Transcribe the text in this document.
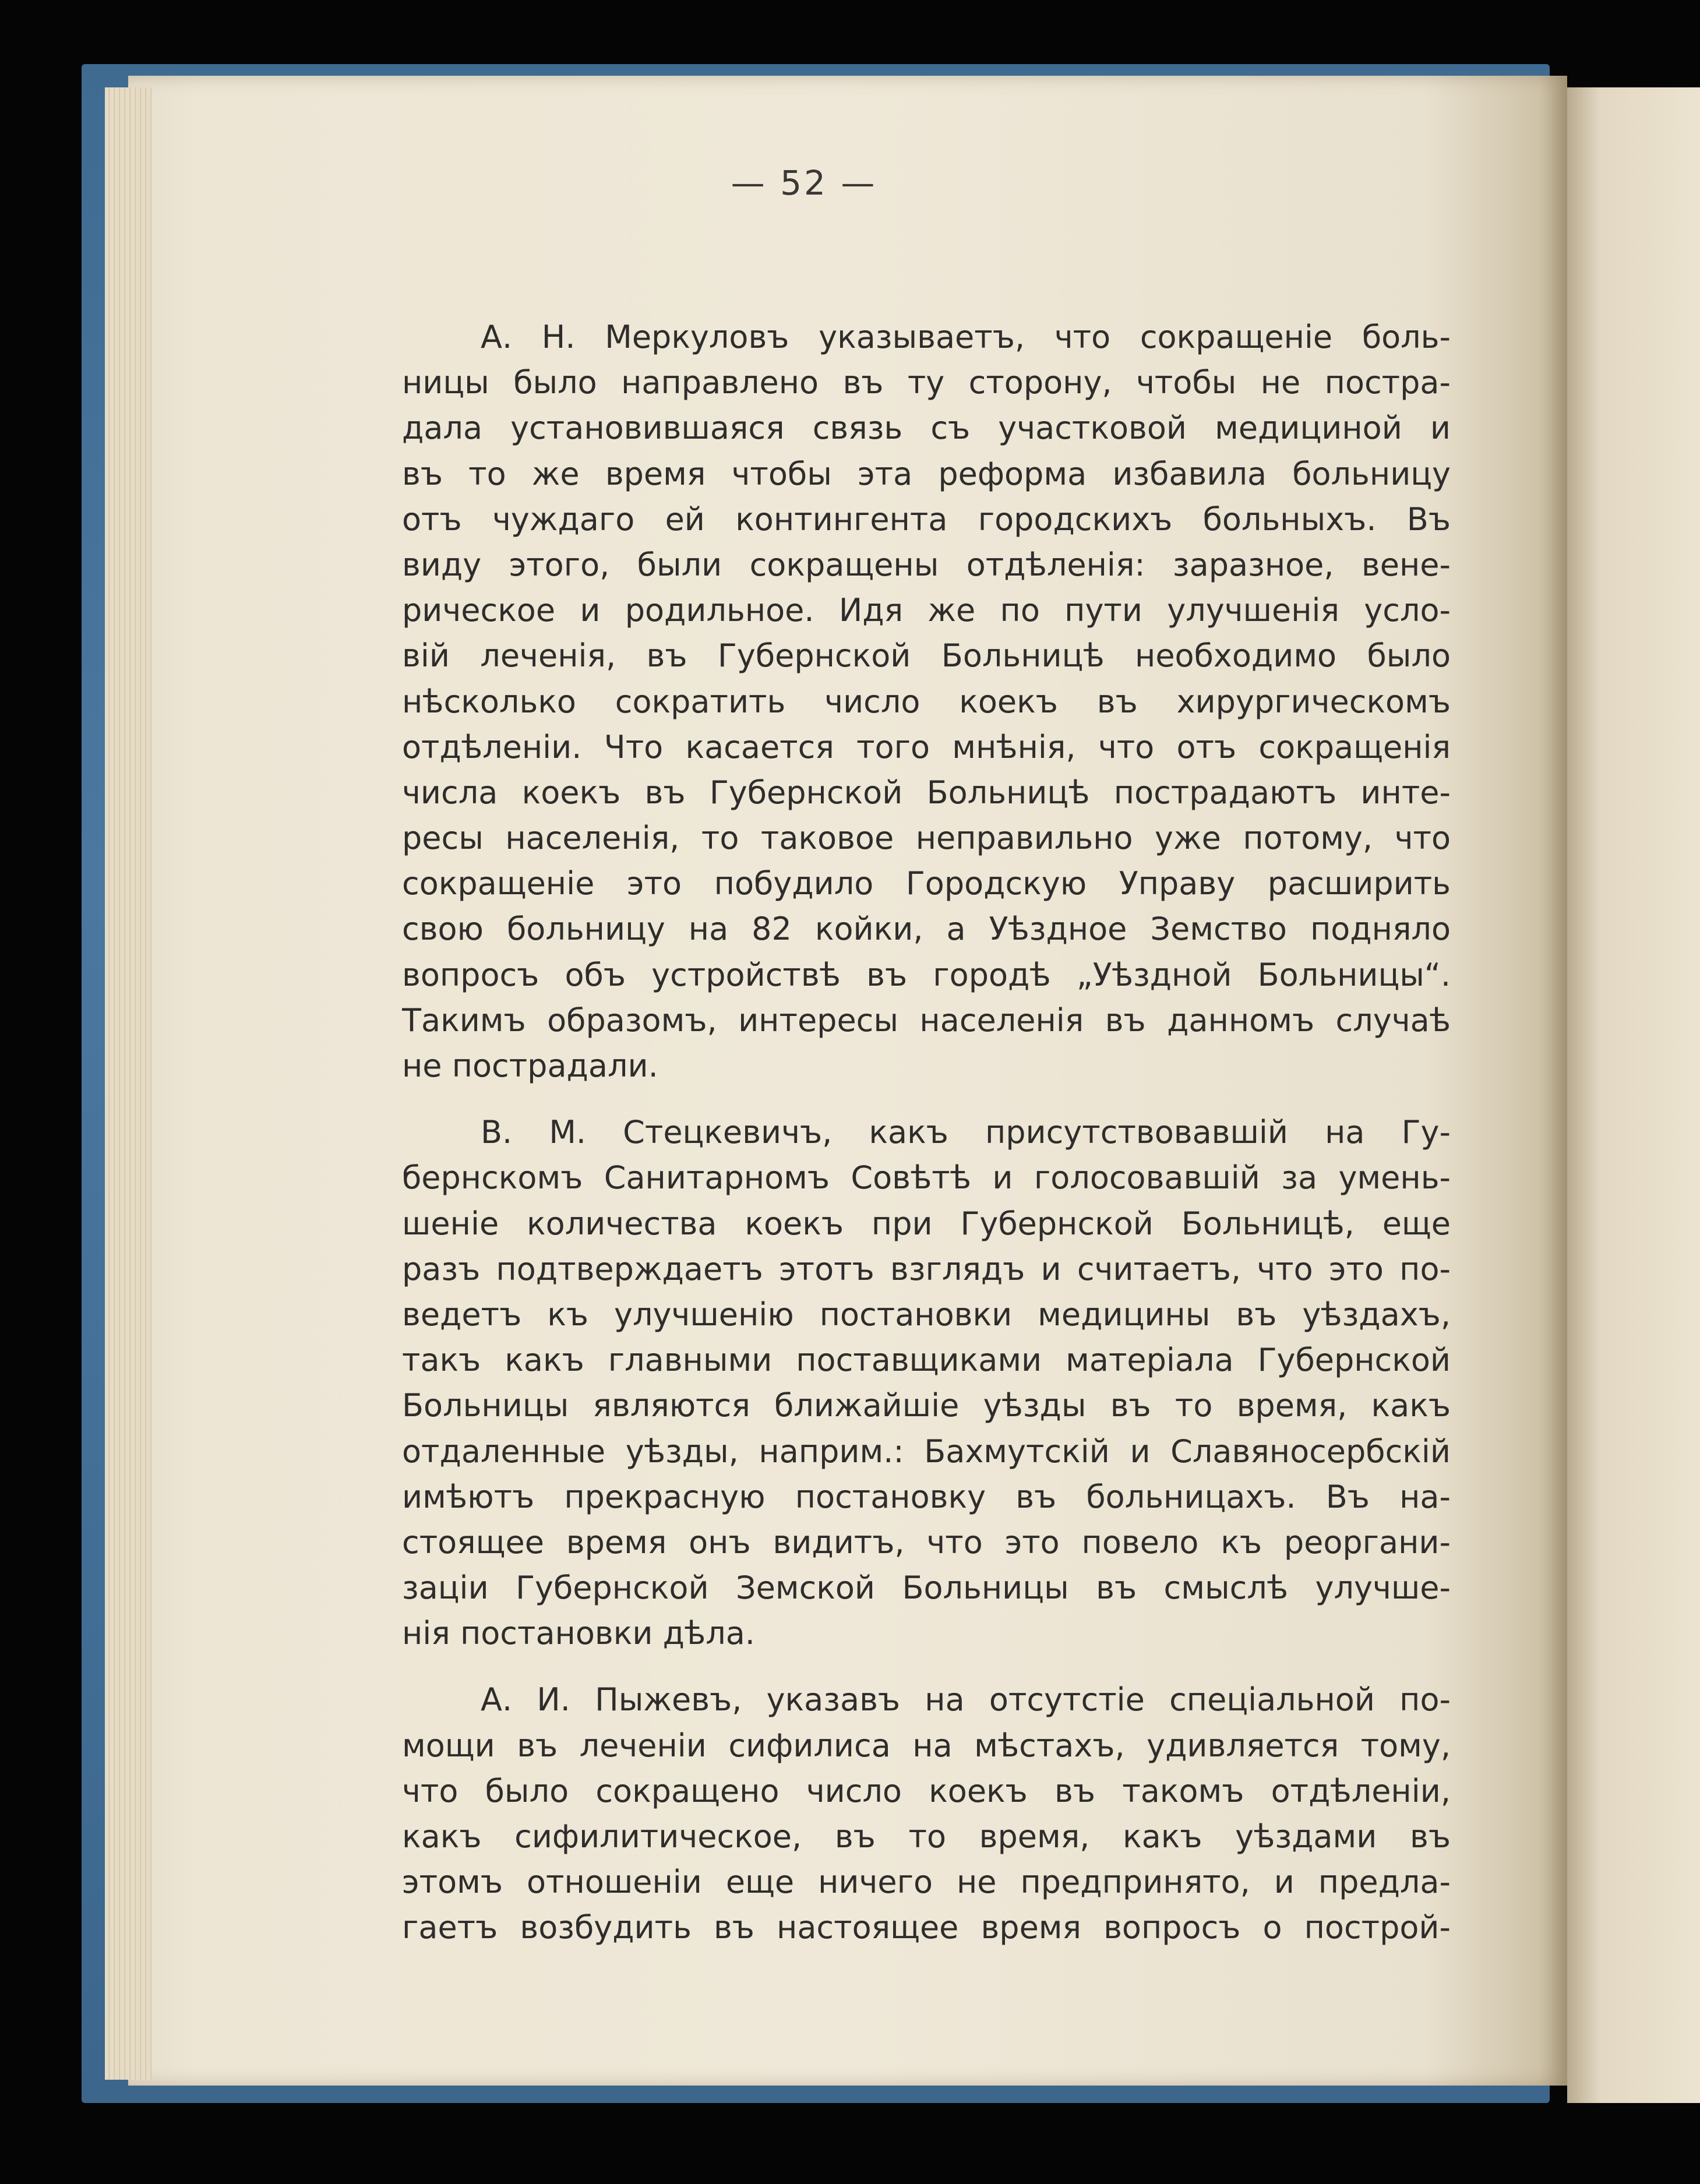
— 52 —
А. Н. Меркуловъ указываетъ, что сокращеніе боль-
ницы было направлено въ ту сторону, чтобы не постра-
дала установившаяся связь съ участковой медициной и
въ то же время чтобы эта реформа избавила больницу
отъ чуждаго ей контингента городскихъ больныхъ. Въ
виду этого, были сокращены отдѣленія: заразное, вене-
рическое и родильное. Идя же по пути улучшенія усло-
вій леченія, въ Губернской Больницѣ необходимо было
нѣсколько сократить число коекъ въ хирургическомъ
отдѣленіи. Что касается того мнѣнія, что отъ сокращенія
числа коекъ въ Губернской Больницѣ пострадаютъ инте-
ресы населенія, то таковое неправильно уже потому, что
сокращеніе это побудило Городскую Управу расширить
свою больницу на 82 койки, а Уѣздное Земство подняло
вопросъ объ устройствѣ въ городѣ „Уѣздной Больницы“.
Такимъ образомъ, интересы населенія въ данномъ случаѣ
не пострадали.
В. М. Стецкевичъ, какъ присутствовавшій на Гу-
бернскомъ Санитарномъ Совѣтѣ и голосовавшій за умень-
шеніе количества коекъ при Губернской Больницѣ, еще
разъ подтверждаетъ этотъ взглядъ и считаетъ, что это по-
ведетъ къ улучшенію постановки медицины въ уѣздахъ,
такъ какъ главными поставщиками матеріала Губернской
Больницы являются ближайшіе уѣзды въ то время, какъ
отдаленные уѣзды, наприм.: Бахмутскій и Славяносербскій
имѣютъ прекрасную постановку въ больницахъ. Въ на-
стоящее время онъ видитъ, что это повело къ реоргани-
заціи Губернской Земской Больницы въ смыслѣ улучше-
нія постановки дѣла.
А. И. Пыжевъ, указавъ на отсутстіе спеціальной по-
мощи въ леченіи сифилиса на мѣстахъ, удивляется тому,
что было сокращено число коекъ въ такомъ отдѣленіи,
какъ сифилитическое, въ то время, какъ уѣздами въ
этомъ отношеніи еще ничего не предпринято, и предла-
гаетъ возбудить въ настоящее время вопросъ о построй-
